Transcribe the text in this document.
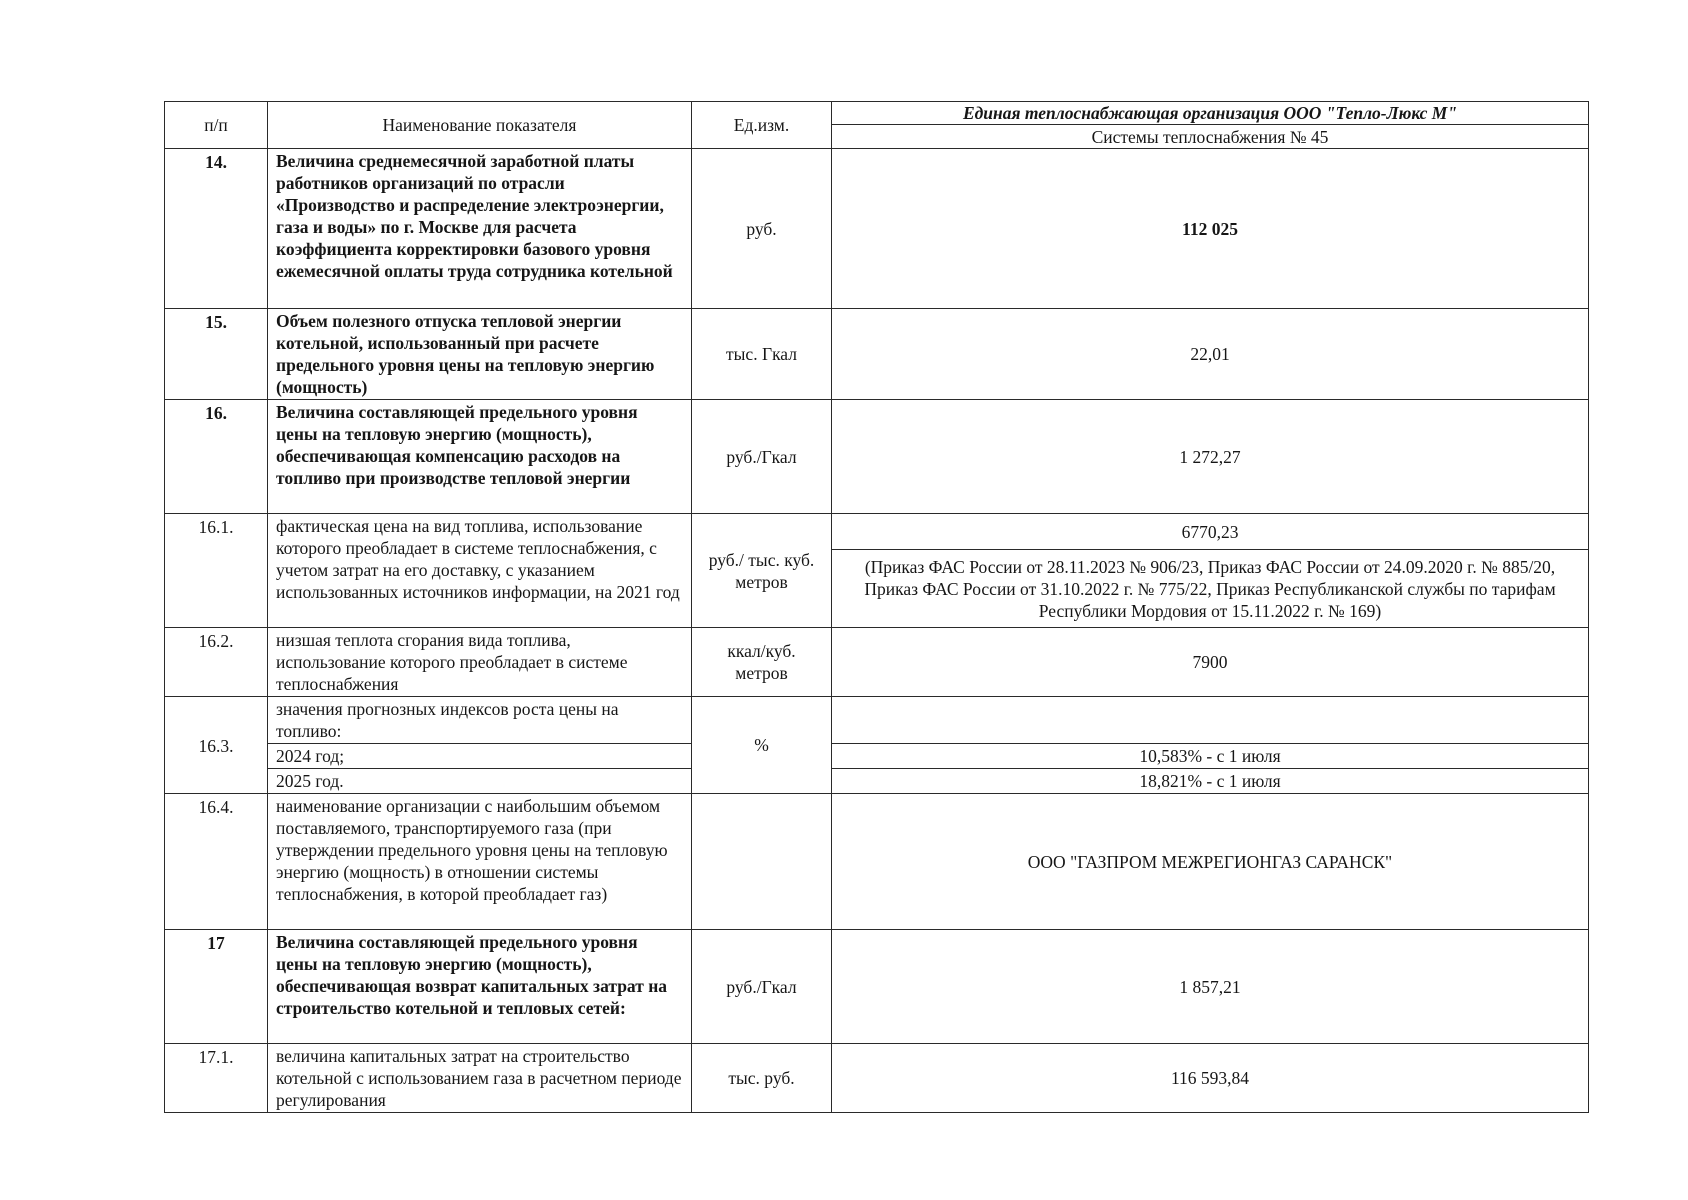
п/п	Наименование показателя	Ед.изм.	Единая теплоснабжающая организация ООО "Тепло-Люкс М"
			Системы теплоснабжения № 45
14.	Величина среднемесячной заработной платы работников организаций по отрасли «Производство и распределение электроэнергии, газа и воды» по г. Москве для расчета коэффициента корректировки базового уровня ежемесячной оплаты труда сотрудника котельной	руб.	112 025
15.	Объем полезного отпуска тепловой энергии котельной, использованный при расчете предельного уровня цены на тепловую энергию (мощность)	тыс. Гкал	22,01
16.	Величина составляющей предельного уровня цены на тепловую энергию (мощность), обеспечивающая компенсацию расходов на топливо при производстве тепловой энергии	руб./Гкал	1 272,27
16.1.	фактическая цена на вид топлива, использование которого преобладает в системе теплоснабжения, с учетом затрат на его доставку, с указанием использованных источников информации, на 2021 год	руб./ тыс. куб. метров	6770,23
			(Приказ ФАС России от 28.11.2023 № 906/23, Приказ ФАС России от 24.09.2020 г. № 885/20, Приказ ФАС России от 31.10.2022 г. № 775/22, Приказ Республиканской службы по тарифам Республики Мордовия от 15.11.2022 г. № 169)
16.2.	низшая теплота сгорания вида топлива, использование которого преобладает в системе теплоснабжения	ккал/куб. метров	7900
16.3.	значения прогнозных индексов роста цены на топливо:	%	
	2024 год;		10,583% - с 1 июля
	2025 год.		18,821% - с 1 июля
16.4.	наименование организации с наибольшим объемом поставляемого, транспортируемого газа (при утверждении предельного уровня цены на тепловую энергию (мощность) в отношении системы теплоснабжения, в которой преобладает газ)		ООО "ГАЗПРОМ МЕЖРЕГИОНГАЗ САРАНСК"
17	Величина составляющей предельного уровня цены на тепловую энергию (мощность), обеспечивающая возврат капитальных затрат на строительство котельной и тепловых сетей:	руб./Гкал	1 857,21
17.1.	величина капитальных затрат на строительство котельной с использованием газа в расчетном периоде регулирования	тыс. руб.	116 593,84
